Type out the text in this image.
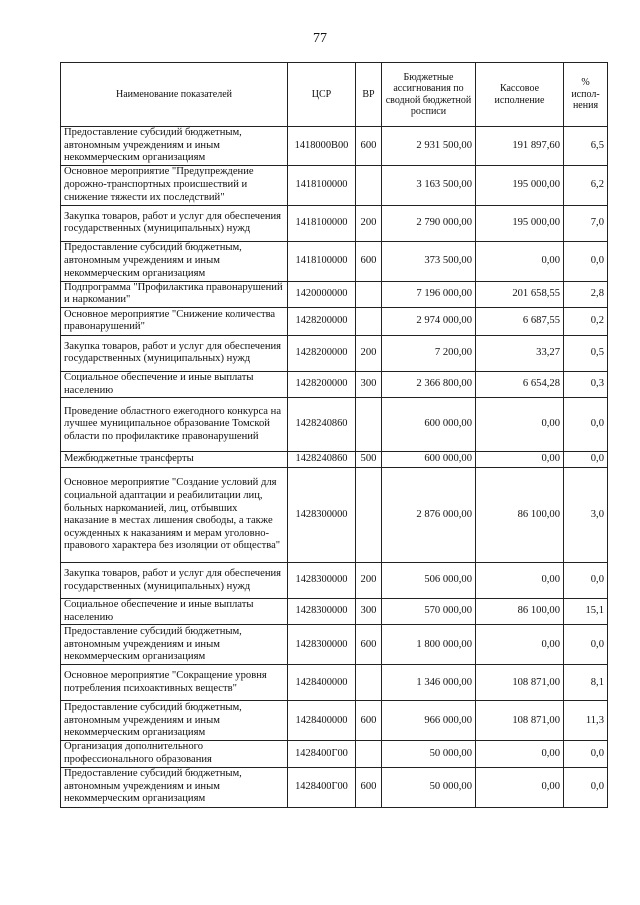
77
Наименование показателей	ЦСР	ВР	Бюджетные ассигнования по сводной бюджетной росписи	Кассовое исполнение	% испол-нения
Предоставление субсидий бюджетным, автономным учреждениям и иным некоммерческим организациям	1418000В00	600	2 931 500,00	191 897,60	6,5
Основное мероприятие "Предупреждение дорожно-транспортных происшествий и снижение тяжести их последствий"	1418100000		3 163 500,00	195 000,00	6,2
Закупка товаров, работ и услуг для обеспечения государственных (муниципальных) нужд	1418100000	200	2 790 000,00	195 000,00	7,0
Предоставление субсидий бюджетным, автономным учреждениям и иным некоммерческим организациям	1418100000	600	373 500,00	0,00	0,0
Подпрограмма "Профилактика правонарушений и наркомании"	1420000000		7 196 000,00	201 658,55	2,8
Основное мероприятие "Снижение количества правонарушений"	1428200000		2 974 000,00	6 687,55	0,2
Закупка товаров, работ и услуг для обеспечения государственных (муниципальных) нужд	1428200000	200	7 200,00	33,27	0,5
Социальное обеспечение и иные выплаты населению	1428200000	300	2 366 800,00	6 654,28	0,3
Проведение областного ежегодного конкурса на лучшее муниципальное образование Томской области по профилактике правонарушений	1428240860		600 000,00	0,00	0,0
Межбюджетные трансферты	1428240860	500	600 000,00	0,00	0,0
Основное мероприятие "Создание условий для социальной адаптации и реабилитации лиц, больных наркоманией, лиц, отбывших наказание в местах лишения свободы, а также осужденных к наказаниям и мерам уголовно-правового характера без изоляции от общества"	1428300000		2 876 000,00	86 100,00	3,0
Закупка товаров, работ и услуг для обеспечения государственных (муниципальных) нужд	1428300000	200	506 000,00	0,00	0,0
Социальное обеспечение и иные выплаты населению	1428300000	300	570 000,00	86 100,00	15,1
Предоставление субсидий бюджетным, автономным учреждениям и иным некоммерческим организациям	1428300000	600	1 800 000,00	0,00	0,0
Основное мероприятие "Сокращение уровня потребления психоактивных веществ"	1428400000		1 346 000,00	108 871,00	8,1
Предоставление субсидий бюджетным, автономным учреждениям и иным некоммерческим организациям	1428400000	600	966 000,00	108 871,00	11,3
Организация дополнительного профессионального образования	1428400Г00		50 000,00	0,00	0,0
Предоставление субсидий бюджетным, автономным учреждениям и иным некоммерческим организациям	1428400Г00	600	50 000,00	0,00	0,0
